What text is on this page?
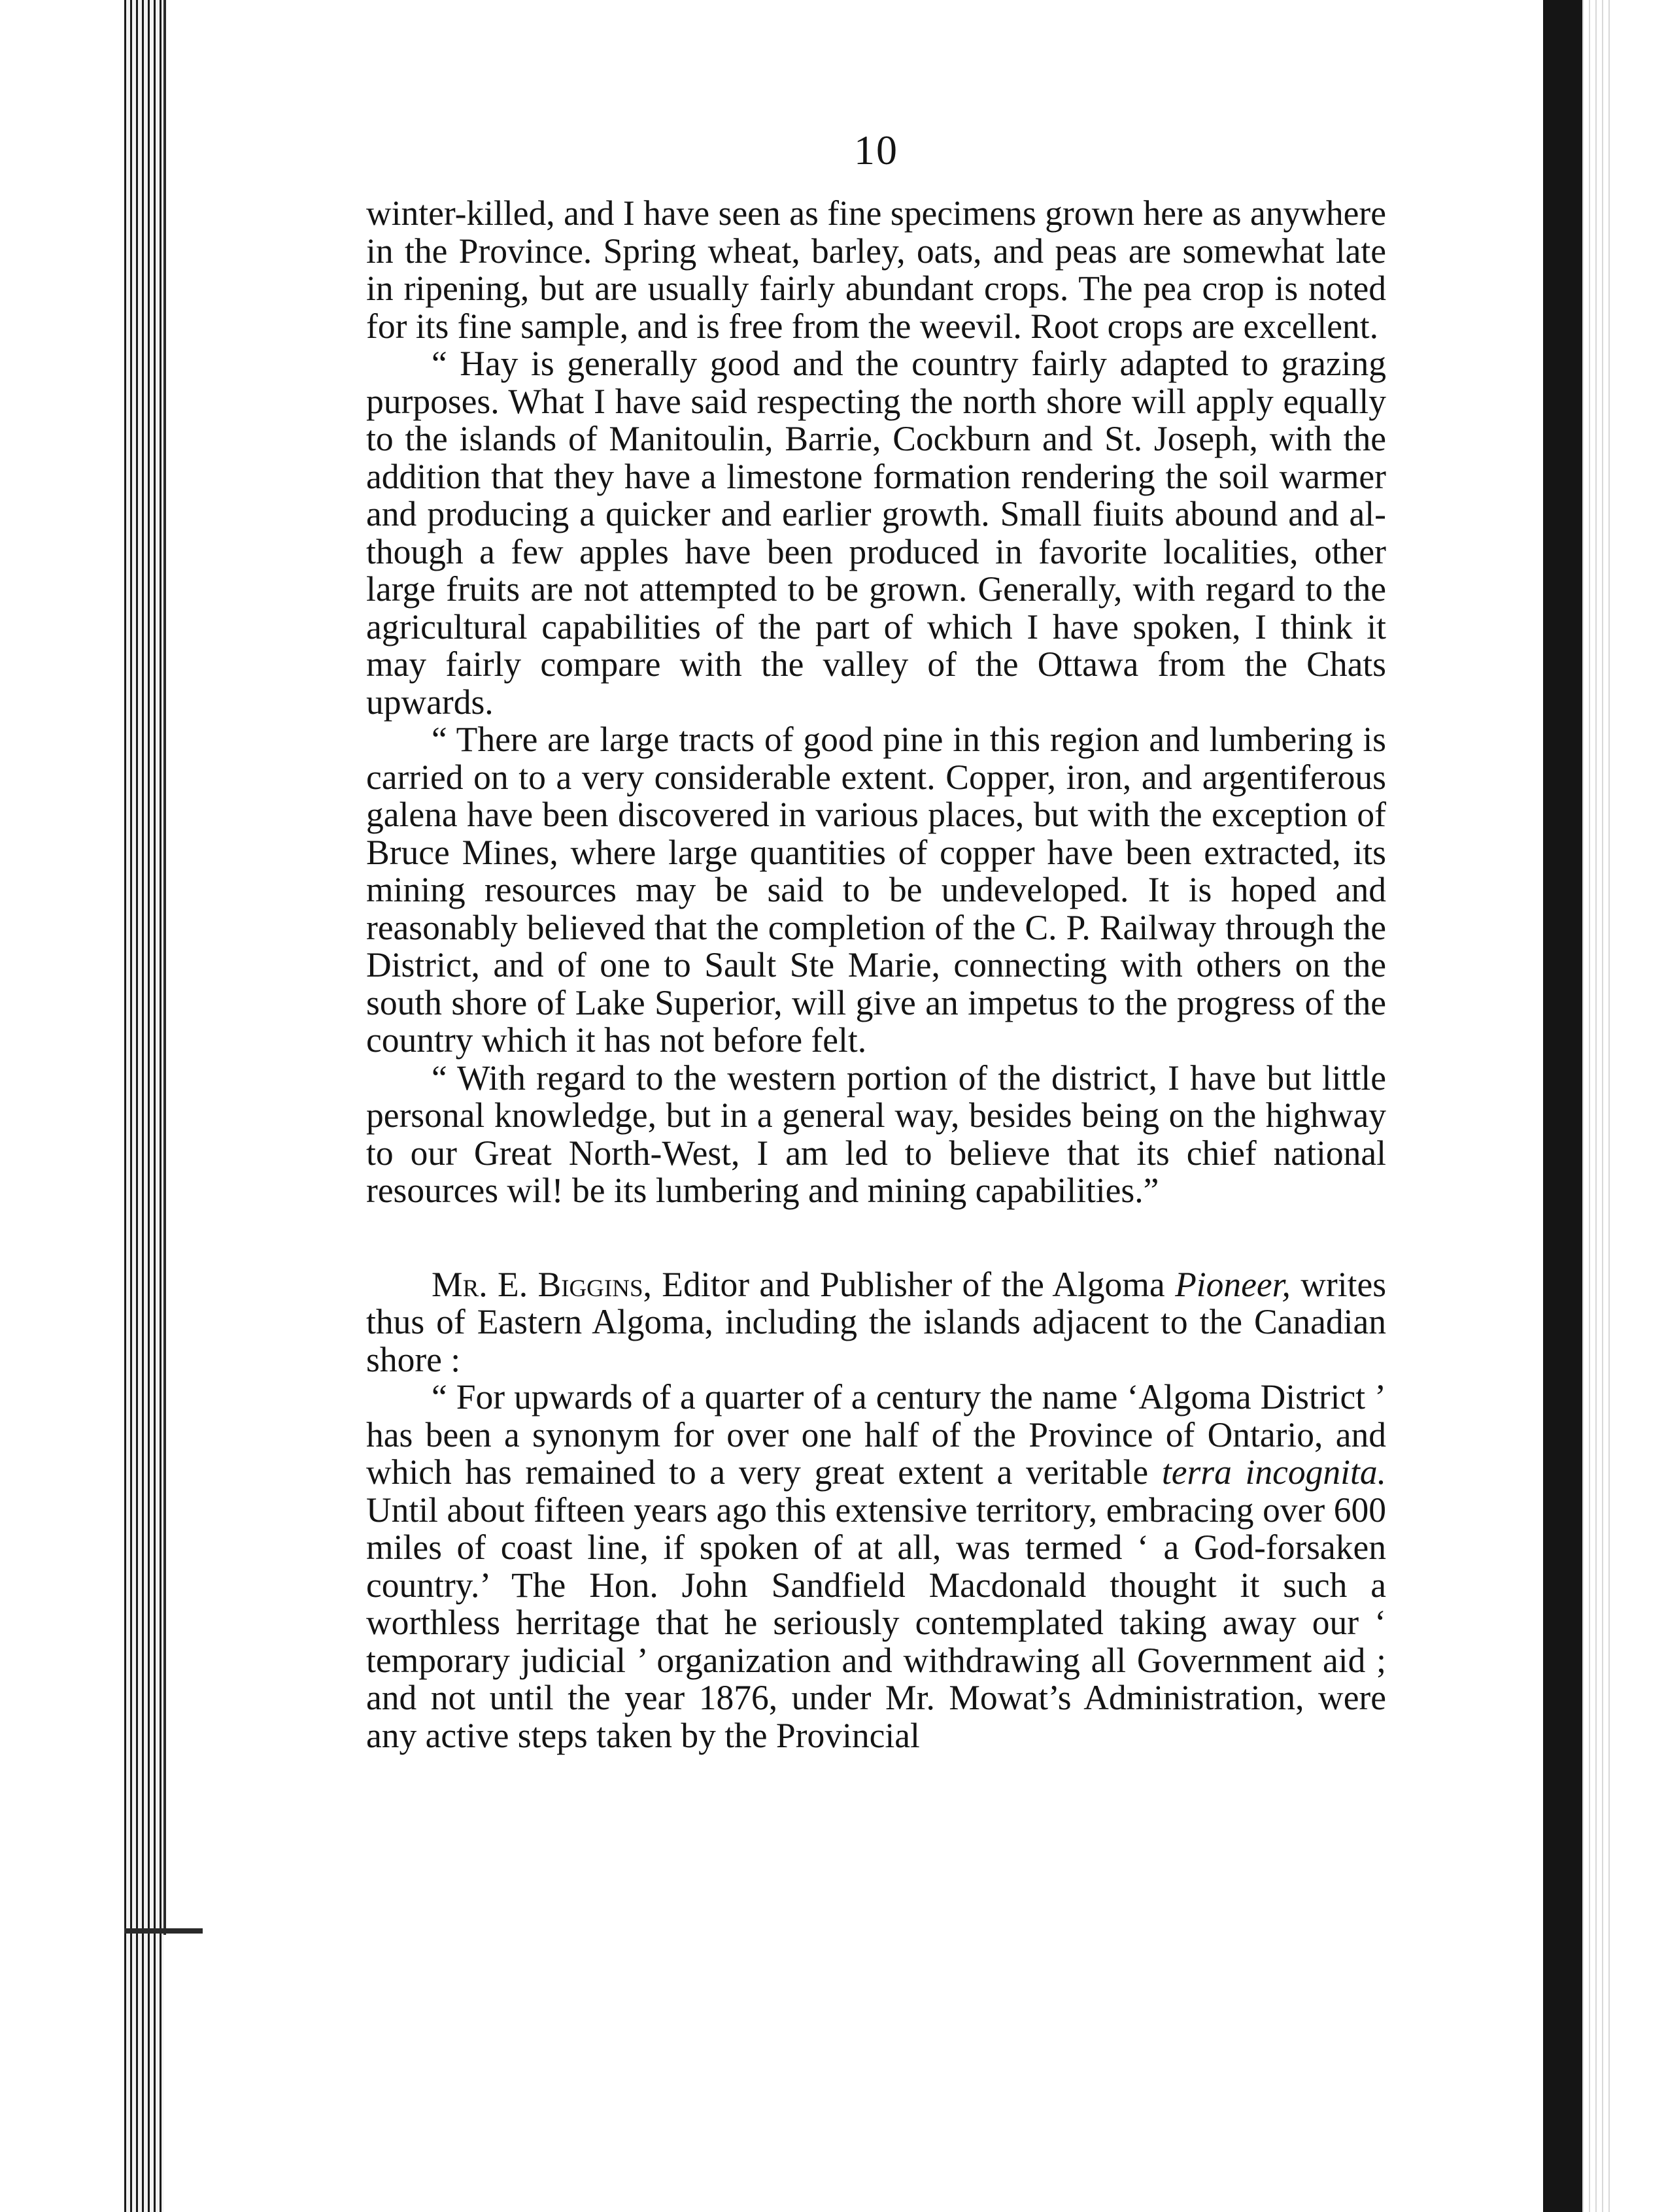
10

winter-killed, and I have seen as fine specimens grown here as anywhere in the Province. Spring wheat, barley, oats, and peas are somewhat late in ripening, but are usually fairly abundant crops. The pea crop is noted for its fine sample, and is free from the weevil. Root crops are excellent.

“ Hay is generally good and the country fairly adapted to grazing purposes. What I have said respecting the north shore will apply equally to the islands of Manitoulin, Barrie, Cockburn and St. Joseph, with the addition that they have a limestone formation rendering the soil warmer and producing a quicker and earlier growth. Small fiuits abound and although a few apples have been produced in favorite localities, other large fruits are not attempted to be grown. Generally, with regard to the agricultural capabilities of the part of which I have spoken, I think it may fairly compare with the valley of the Ottawa from the Chats upwards.

“ There are large tracts of good pine in this region and lumbering is carried on to a very considerable extent. Copper, iron, and argentiferous galena have been discovered in various places, but with the exception of Bruce Mines, where large quantities of copper have been extracted, its mining resources may be said to be undeveloped. It is hoped and reasonably believed that the completion of the C. P. Railway through the District, and of one to Sault Ste Marie, connecting with others on the south shore of Lake Superior, will give an impetus to the progress of the country which it has not before felt.

“ With regard to the western portion of the district, I have but little personal knowledge, but in a general way, besides being on the highway to our Great North-West, I am led to believe that its chief national resources wil! be its lumbering and mining capabilities.”

Mr. E. Biggins, Editor and Publisher of the Algoma Pioneer, writes thus of Eastern Algoma, including the islands adjacent to the Canadian shore :

“ For upwards of a quarter of a century the name ‘Algoma District ’ has been a synonym for over one half of the Province of Ontario, and which has remained to a very great extent a veritable terra incognita. Until about fifteen years ago this extensive territory, embracing over 600 miles of coast line, if spoken of at all, was termed ‘ a God-forsaken country.’ The Hon. John Sandfield Macdonald thought it such a worthless herritage that he seriously contemplated taking away our ‘ temporary judicial ’ organization and withdrawing all Government aid ; and not until the year 1876, under Mr. Mowat’s Administration, were any active steps taken by the Provincial
